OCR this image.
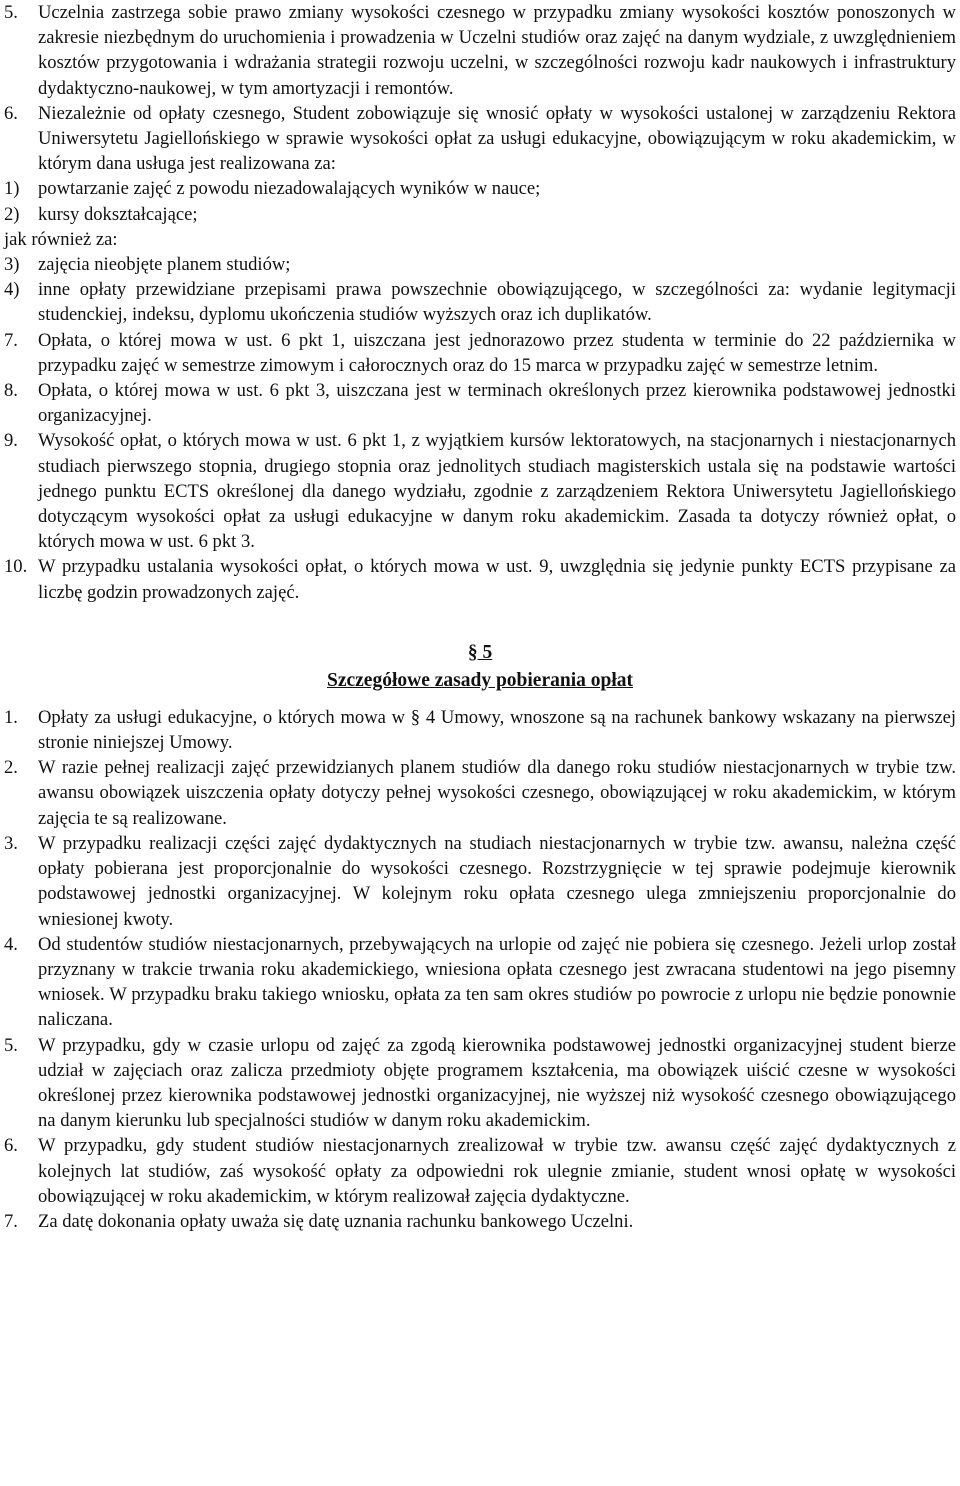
5.	Uczelnia zastrzega sobie prawo zmiany wysokości czesnego w przypadku zmiany wysokości kosztów ponoszonych w zakresie niezbędnym do uruchomienia i prowadzenia w Uczelni studiów oraz zajęć na danym wydziale, z uwzględnieniem kosztów przygotowania i wdrażania strategii rozwoju uczelni, w szczególności rozwoju kadr naukowych i infrastruktury dydaktyczno-naukowej, w tym amortyzacji i remontów.
6.	Niezależnie od opłaty czesnego, Student zobowiązuje się wnosić opłaty w wysokości ustalonej w zarządzeniu Rektora Uniwersytetu Jagiellońskiego w sprawie wysokości opłat za usługi edukacyjne, obowiązującym w roku akademickim, w którym dana usługa jest realizowana za:
1) powtarzanie zajęć z powodu niezadowalających wyników w nauce;
2) kursy dokształcające;
jak również za:
3) zajęcia nieobjęte planem studiów;
4) inne opłaty przewidziane przepisami prawa powszechnie obowiązującego, w szczególności za: wydanie legitymacji studenckiej, indeksu, dyplomu ukończenia studiów wyższych oraz ich duplikatów.
7.	Opłata, o której mowa w ust. 6 pkt 1, uiszczana jest jednorazowo przez studenta w terminie do 22 października w przypadku zajęć w semestrze zimowym i całorocznych oraz do 15 marca w przypadku zajęć w semestrze letnim.
8.	Opłata, o której mowa w ust. 6 pkt 3, uiszczana jest w terminach określonych przez kierownika podstawowej jednostki organizacyjnej.
9.	Wysokość opłat, o których mowa w ust. 6 pkt 1, z wyjątkiem kursów lektoratowych, na stacjonarnych i niestacjonarnych studiach pierwszego stopnia, drugiego stopnia oraz jednolitych studiach magisterskich ustala się na podstawie wartości jednego punktu ECTS określonej dla danego wydziału, zgodnie z zarządzeniem Rektora Uniwersytetu Jagiellońskiego dotyczącym wysokości opłat za usługi edukacyjne w danym roku akademickim. Zasada ta dotyczy również opłat, o których mowa w ust. 6 pkt 3.
10. W przypadku ustalania wysokości opłat, o których mowa w ust. 9, uwzględnia się jedynie punkty ECTS przypisane za liczbę godzin prowadzonych zajęć.
§ 5
Szczegółowe zasady pobierania opłat
1.	Opłaty za usługi edukacyjne, o których mowa w § 4 Umowy, wnoszone są na rachunek bankowy wskazany na pierwszej stronie niniejszej Umowy.
2.	W razie pełnej realizacji zajęć przewidzianych planem studiów dla danego roku studiów niestacjonarnych w trybie tzw. awansu obowiązek uiszczenia opłaty dotyczy pełnej wysokości czesnego, obowiązującej w roku akademickim, w którym zajęcia te są realizowane.
3.	W przypadku realizacji części zajęć dydaktycznych na studiach niestacjonarnych w trybie tzw. awansu, należna część opłaty pobierana jest proporcjonalnie do wysokości czesnego. Rozstrzygnięcie w tej sprawie podejmuje kierownik podstawowej jednostki organizacyjnej. W kolejnym roku opłata czesnego ulega zmniejszeniu proporcjonalnie do wniesionej kwoty.
4.	Od studentów studiów niestacjonarnych, przebywających na urlopie od zajęć nie pobiera się czesnego. Jeżeli urlop został przyznany w trakcie trwania roku akademickiego, wniesiona opłata czesnego jest zwracana studentowi na jego pisemny wniosek. W przypadku braku takiego wniosku, opłata za ten sam okres studiów po powrocie z urlopu nie będzie ponownie naliczana.
5.	W przypadku, gdy w czasie urlopu od zajęć za zgodą kierownika podstawowej jednostki organizacyjnej student bierze udział w zajęciach oraz zalicza przedmioty objęte programem kształcenia, ma obowiązek uiścić czesne w wysokości określonej przez kierownika podstawowej jednostki organizacyjnej, nie wyższej niż wysokość czesnego obowiązującego na danym kierunku lub specjalności studiów w danym roku akademickim.
6.	W przypadku, gdy student studiów niestacjonarnych zrealizował w trybie tzw. awansu część zajęć dydaktycznych z kolejnych lat studiów, zaś wysokość opłaty za odpowiedni rok ulegnie zmianie, student wnosi opłatę w wysokości obowiązującej w roku akademickim, w którym realizował zajęcia dydaktyczne.
7.	Za datę dokonania opłaty uważa się datę uznania rachunku bankowego Uczelni.
